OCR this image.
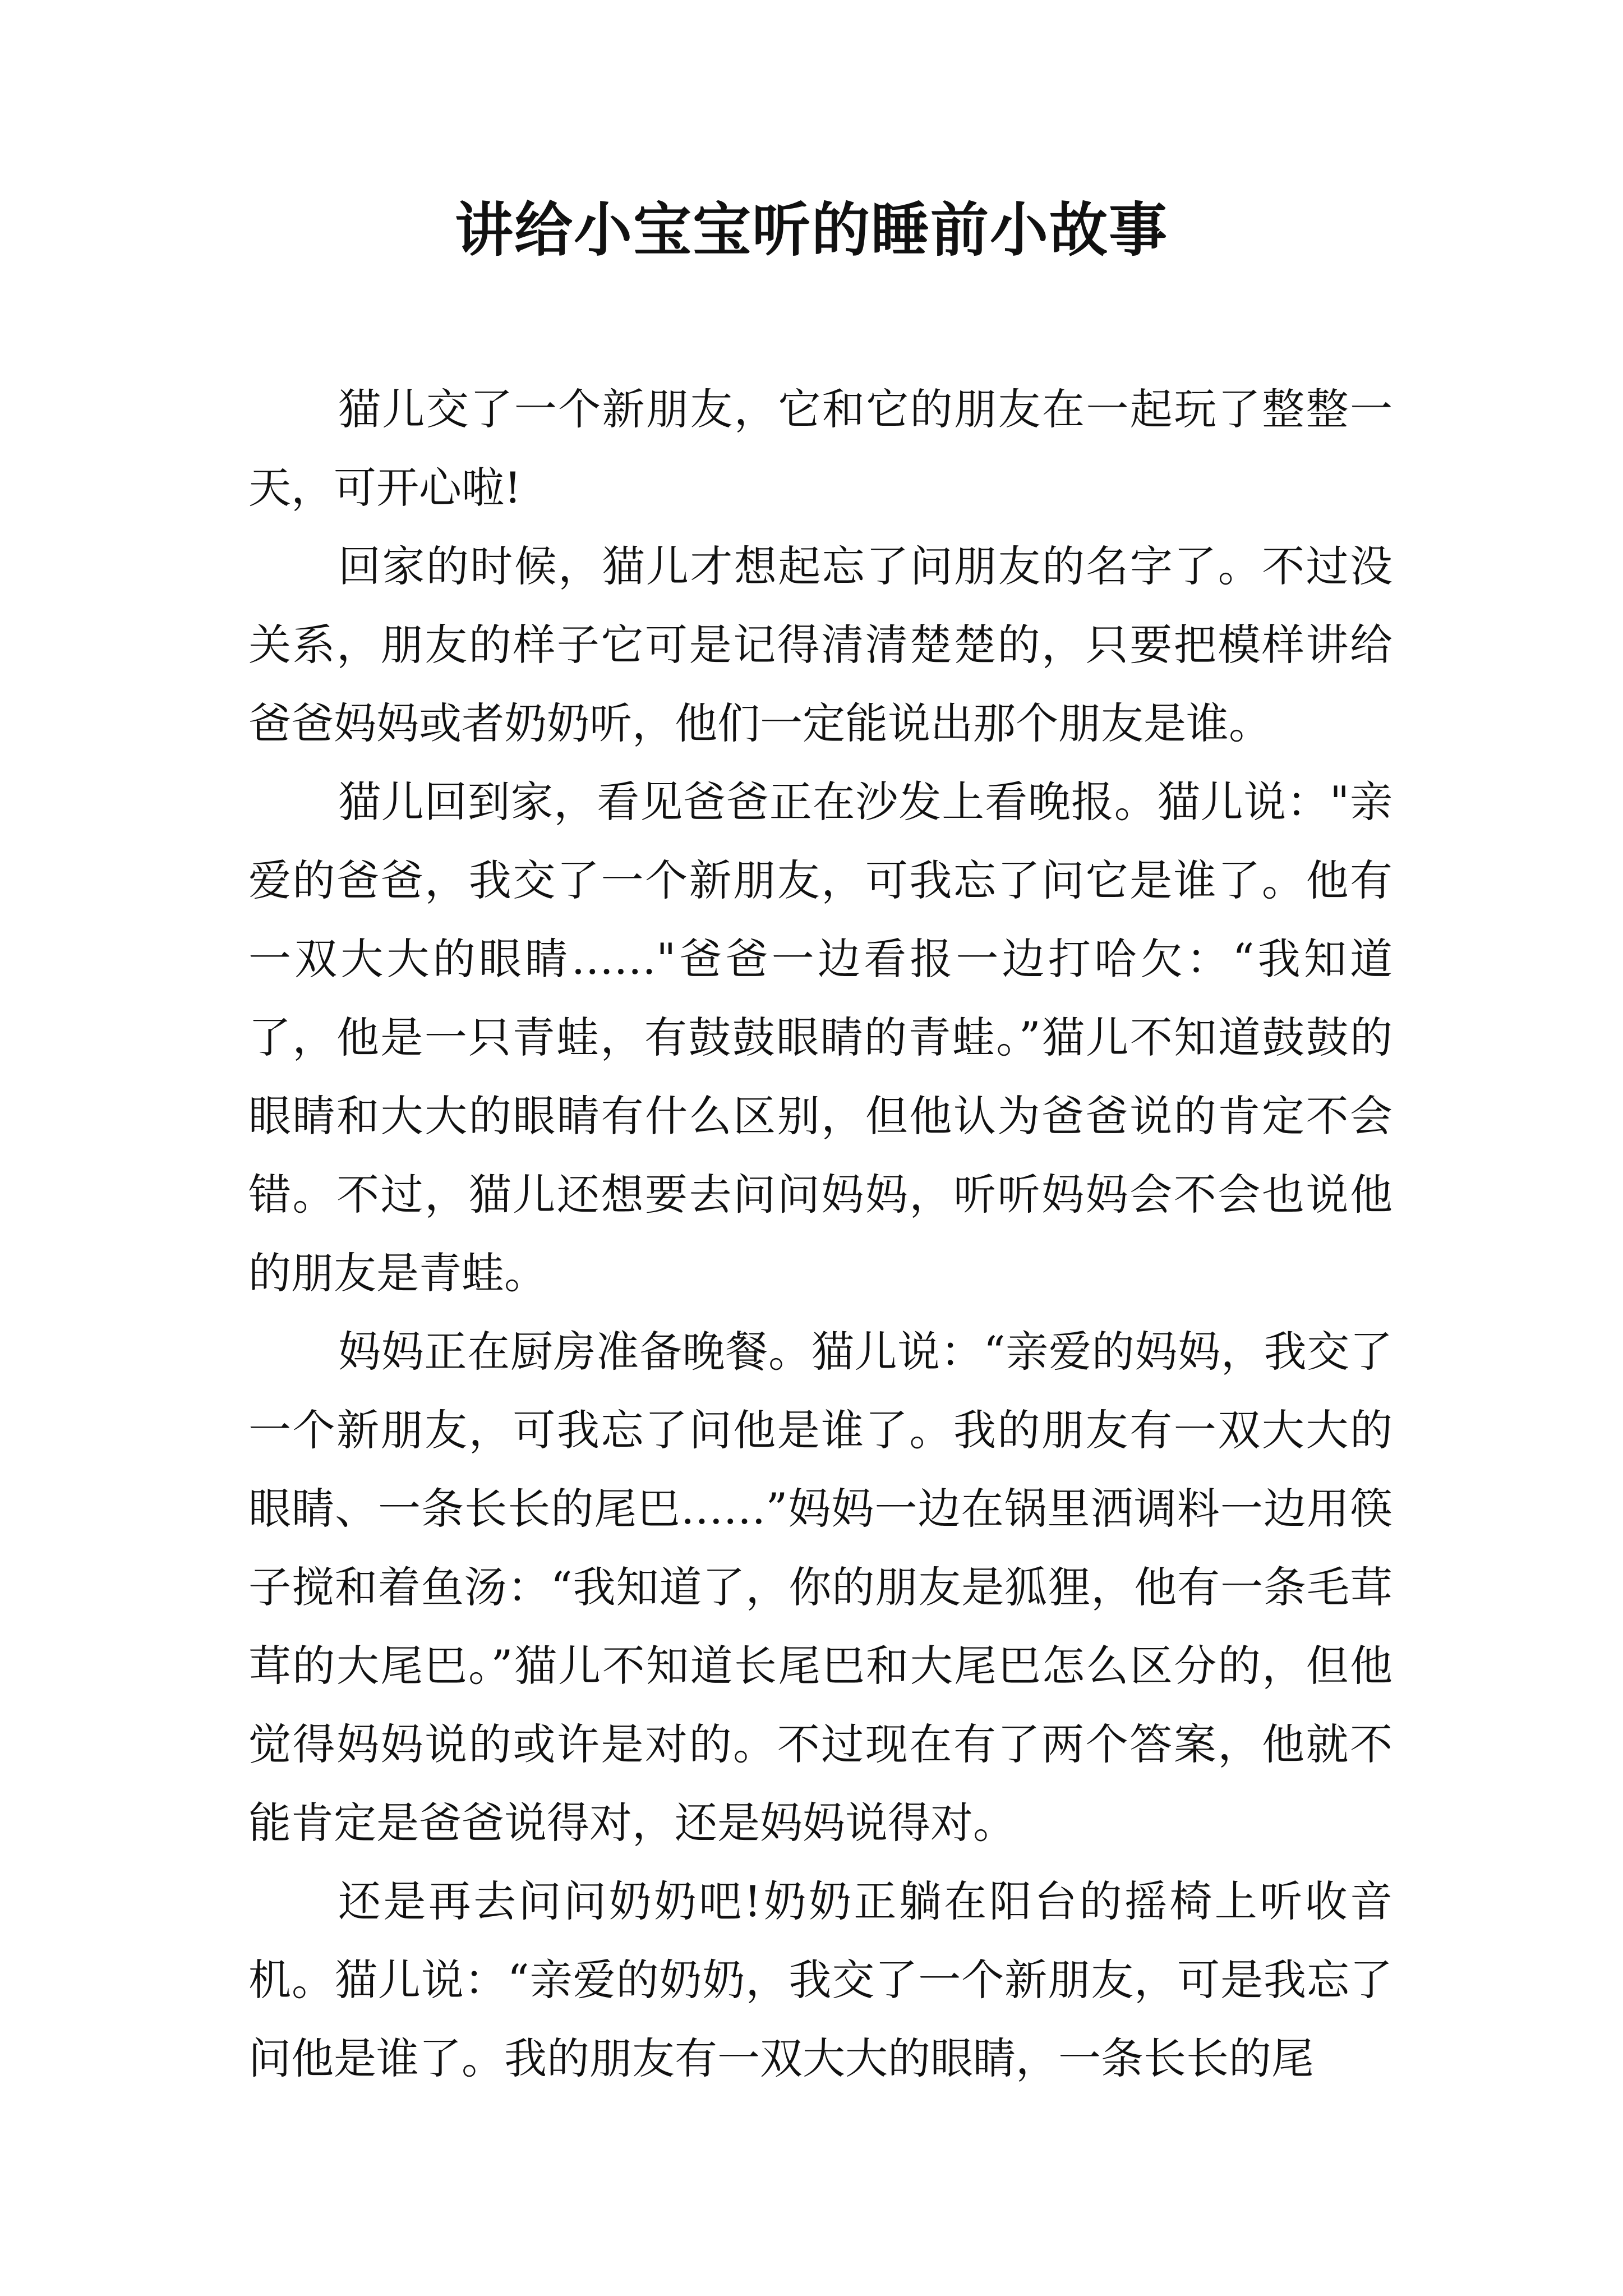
讲给小宝宝听的睡前小故事

猫儿交了一个新朋友，它和它的朋友在一起玩了整整一天，可开心啦!

回家的时候，猫儿才想起忘了问朋友的名字了。不过没关系，朋友的样子它可是记得清清楚楚的，只要把模样讲给爸爸妈妈或者奶奶听，他们一定能说出那个朋友是谁。

猫儿回到家，看见爸爸正在沙发上看晚报。猫儿说："亲爱的爸爸，我交了一个新朋友，可我忘了问它是谁了。他有一双大大的眼睛……"爸爸一边看报一边打哈欠：“我知道了，他是一只青蛙，有鼓鼓眼睛的青蛙。”猫儿不知道鼓鼓的眼睛和大大的眼睛有什么区别，但他认为爸爸说的肯定不会错。不过，猫儿还想要去问问妈妈，听听妈妈会不会也说他的朋友是青蛙。

妈妈正在厨房准备晚餐。猫儿说：“亲爱的妈妈，我交了一个新朋友，可我忘了问他是谁了。我的朋友有一双大大的眼睛、一条长长的尾巴……”妈妈一边在锅里洒调料一边用筷子搅和着鱼汤：“我知道了，你的朋友是狐狸，他有一条毛茸茸的大尾巴。”猫儿不知道长尾巴和大尾巴怎么区分的，但他觉得妈妈说的或许是对的。不过现在有了两个答案，他就不能肯定是爸爸说得对，还是妈妈说得对。

还是再去问问奶奶吧!奶奶正躺在阳台的摇椅上听收音机。猫儿说：“亲爱的奶奶，我交了一个新朋友，可是我忘了问他是谁了。我的朋友有一双大大的眼睛，一条长长的尾
